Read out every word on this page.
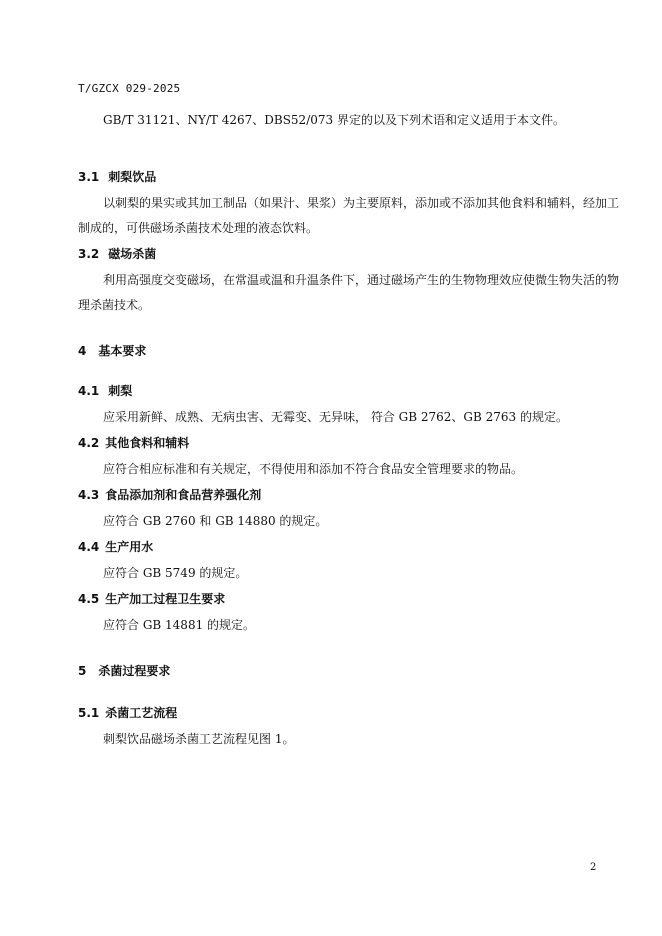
T/GZCX 029-2025
GB/T 31121、NY/T 4267、DBS52/073 界定的以及下列术语和定义适用于本文件。
3.1 刺梨饮品
以刺梨的果实或其加工制品（如果汁、果浆）为主要原料，添加或不添加其他食料和辅料，经加工
制成的，可供磁场杀菌技术处理的液态饮料。
3.2 磁场杀菌
利用高强度交变磁场，在常温或温和升温条件下，通过磁场产生的生物物理效应使微生物失活的物
理杀菌技术。
4 基本要求
4.1 刺梨
应采用新鲜、成熟、无病虫害、无霉变、无异味， 符合 GB 2762、GB 2763 的规定。
4.2 其他食料和辅料
应符合相应标准和有关规定，不得使用和添加不符合食品安全管理要求的物品。
4.3 食品添加剂和食品营养强化剂
应符合 GB 2760 和 GB 14880 的规定。
4.4 生产用水
应符合 GB 5749 的规定。
4.5 生产加工过程卫生要求
应符合 GB 14881 的规定。
5 杀菌过程要求
5.1 杀菌工艺流程
刺梨饮品磁场杀菌工艺流程见图 1。
2
